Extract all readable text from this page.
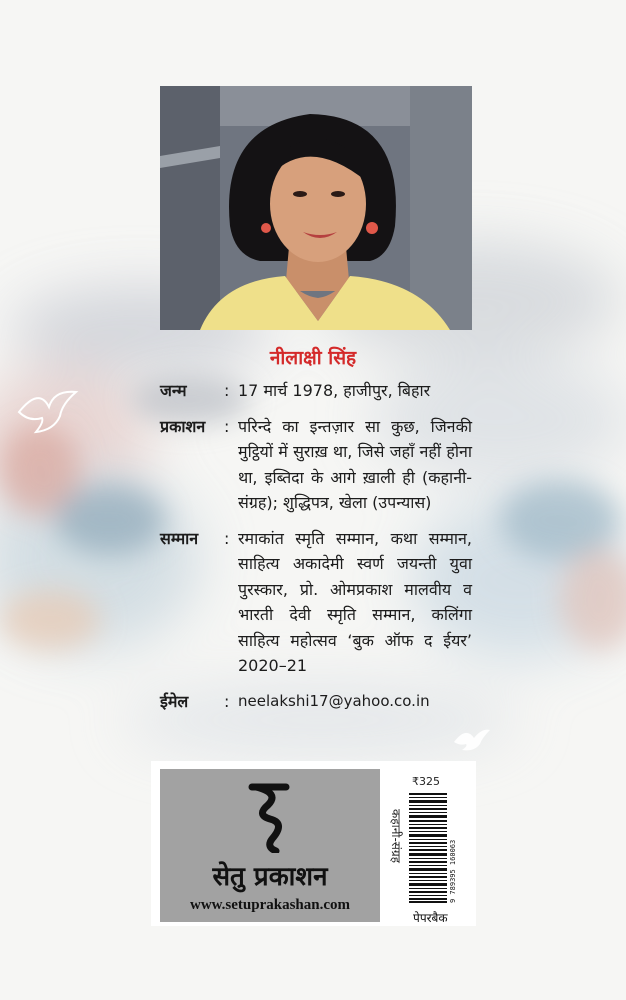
नीलाक्षी सिंह
जन्म	: 17 मार्च 1978, हाजीपुर, बिहार
प्रकाशन	: परिन्दे का इन्तज़ार सा कुछ, जिनकी मुट्ठियों में सुराख़ था, जिसे जहाँ नहीं होना था, इब्तिदा के आगे ख़ाली ही (कहानी-संग्रह); शुद्धिपत्र, खेला (उपन्यास)
सम्मान	: रमाकांत स्मृति सम्मान, कथा सम्मान, साहित्य अकादेमी स्वर्ण जयन्ती युवा पुरस्कार, प्रो. ओमप्रकाश मालवीय व भारती देवी स्मृति सम्मान, कलिंगा साहित्य महोत्सव ‘बुक ऑफ द ईयर’ 2020–21
ईमेल	: neelakshi17@yahoo.co.in
सेतु प्रकाशन
www.setuprakashan.com
₹325
कहानी-संग्रह
9 789395 160063
पेपरबैक
